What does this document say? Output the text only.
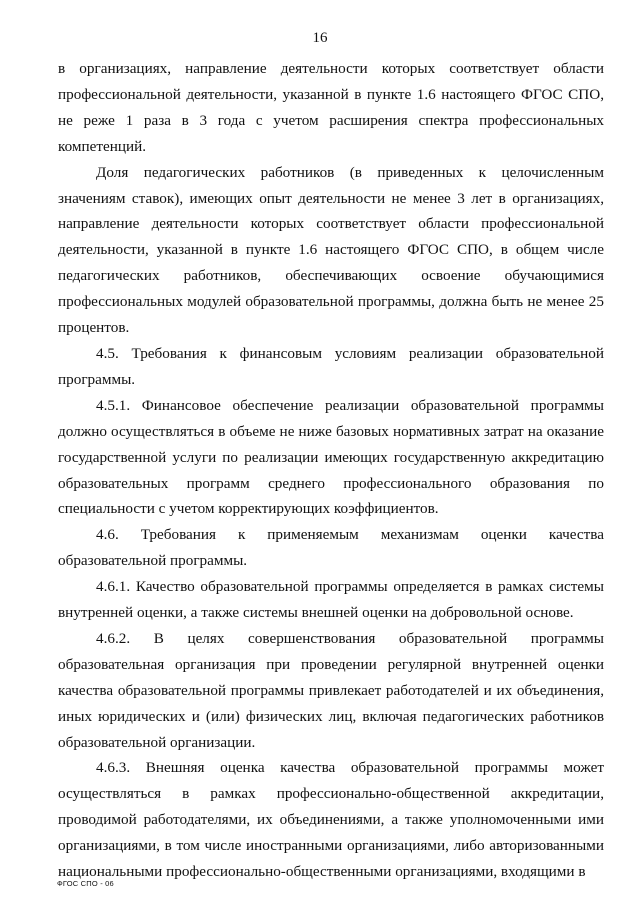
16

в организациях, направление деятельности которых соответствует области профессиональной деятельности, указанной в пункте 1.6 настоящего ФГОС СПО, не реже 1 раза в 3 года с учетом расширения спектра профессиональных компетенций.

Доля педагогических работников (в приведенных к целочисленным значениям ставок), имеющих опыт деятельности не менее 3 лет в организациях, направление деятельности которых соответствует области профессиональной деятельности, указанной в пункте 1.6 настоящего ФГОС СПО, в общем числе педагогических работников, обеспечивающих освоение обучающимися профессиональных модулей образовательной программы, должна быть не менее 25 процентов.

4.5. Требования к финансовым условиям реализации образовательной программы.

4.5.1. Финансовое обеспечение реализации образовательной программы должно осуществляться в объеме не ниже базовых нормативных затрат на оказание государственной услуги по реализации имеющих государственную аккредитацию образовательных программ среднего профессионального образования по специальности с учетом корректирующих коэффициентов.

4.6. Требования к применяемым механизмам оценки качества образовательной программы.

4.6.1. Качество образовательной программы определяется в рамках системы внутренней оценки, а также системы внешней оценки на добровольной основе.

4.6.2. В целях совершенствования образовательной программы образовательная организация при проведении регулярной внутренней оценки качества образовательной программы привлекает работодателей и их объединения, иных юридических и (или) физических лиц, включая педагогических работников образовательной организации.

4.6.3. Внешняя оценка качества образовательной программы может осуществляться в рамках профессионально-общественной аккредитации, проводимой работодателями, их объединениями, а также уполномоченными ими организациями, в том числе иностранными организациями, либо авторизованными национальными профессионально-общественными организациями, входящими в

ФГОС СПО - 06
